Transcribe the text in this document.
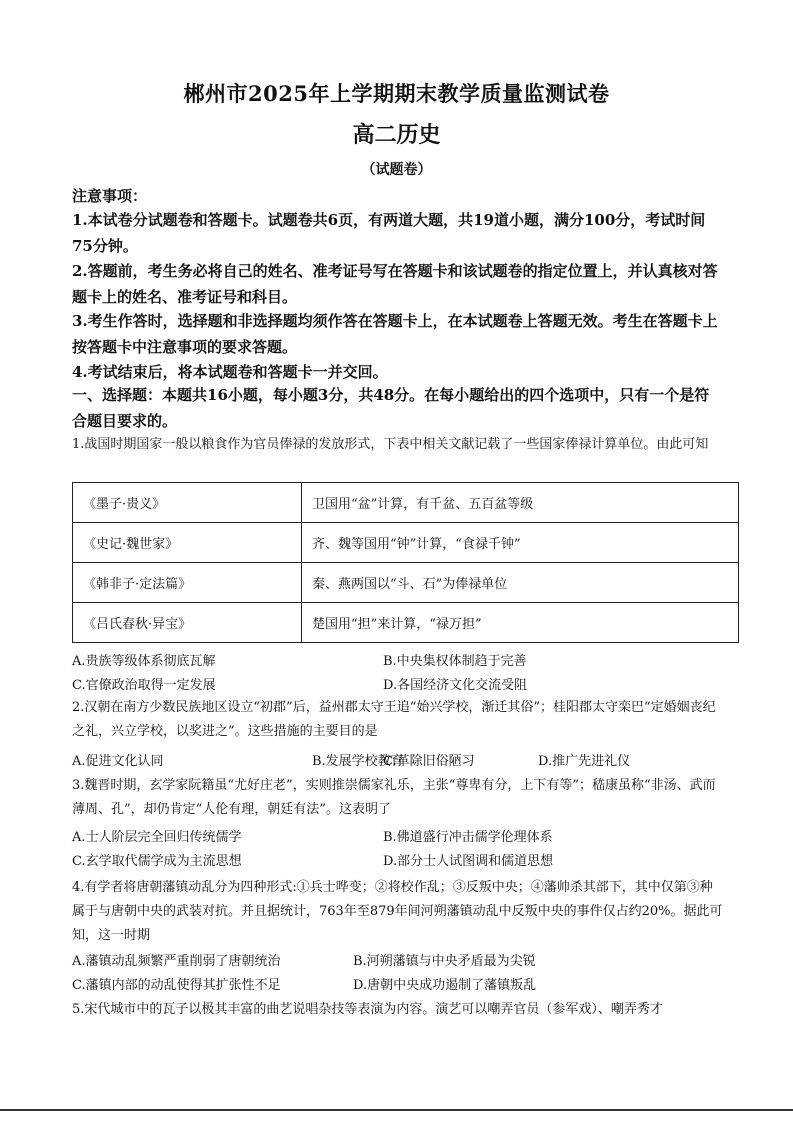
郴州市2025年上学期期末教学质量监测试卷
高二历史
（试题卷）
注意事项：
1.本试卷分试题卷和答题卡。试题卷共6页，有两道大题，共19道小题，满分100分，考试时间75分钟。
2.答题前，考生务必将自己的姓名、准考证号写在答题卡和该试题卷的指定位置上，并认真核对答题卡上的姓名、准考证号和科目。
3.考生作答时，选择题和非选择题均须作答在答题卡上，在本试题卷上答题无效。考生在答题卡上按答题卡中注意事项的要求答题。
4.考试结束后，将本试题卷和答题卡一并交回。
一、选择题：本题共16小题，每小题3分，共48分。在每小题给出的四个选项中，只有一个是符合题目要求的。
1.战国时期国家一般以粮食作为官员俸禄的发放形式，下表中相关文献记载了一些国家俸禄计算单位。由此可知
《墨子·贵义》	卫国用“盆”计算，有千盆、五百盆等级
《史记·魏世家》	齐、魏等国用“钟”计算，“食禄千钟”
《韩非子·定法篇》	秦、燕两国以“斗、石”为俸禄单位
《吕氏春秋·异宝》	楚国用“担”来计算，“禄万担”
A.贵族等级体系彻底瓦解	B.中央集权体制趋于完善
C.官僚政治取得一定发展	D.各国经济文化交流受阻
2.汉朝在南方少数民族地区设立“初郡”后，益州郡太守王追“始兴学校，渐迁其俗”；桂阳郡太守栾巴“定婚姻丧纪之礼，兴立学校，以奖进之”。这些措施的主要目的是
A.促进文化认同	B.发展学校教育
C.革除旧俗陋习	D.推广先进礼仪
3.魏晋时期，玄学家阮籍虽“尤好庄老”，实则推崇儒家礼乐，主张“尊卑有分，上下有等”；嵇康虽称“非汤、武而薄周、孔”，却仍肯定“人伦有理，朝廷有法”。这表明了
A.士人阶层完全回归传统儒学	B.佛道盛行冲击儒学伦理体系
C.玄学取代儒学成为主流思想	D.部分士人试图调和儒道思想
4.有学者将唐朝藩镇动乱分为四种形式:①兵士哗变；②将校作乱；③反叛中央；④藩帅杀其部下，其中仅第③种属于与唐朝中央的武装对抗。并且据统计，763年至879年间河朔藩镇动乱中反叛中央的事件仅占约20%。据此可知，这一时期
A.藩镇动乱频繁严重削弱了唐朝统治	B.河朔藩镇与中央矛盾最为尖锐
C.藩镇内部的动乱使得其扩张性不足	D.唐朝中央成功遏制了藩镇叛乱
5.宋代城市中的瓦子以极其丰富的曲艺说唱杂技等表演为内容。演艺可以嘲弄官员（参军戏）、嘲弄秀才
